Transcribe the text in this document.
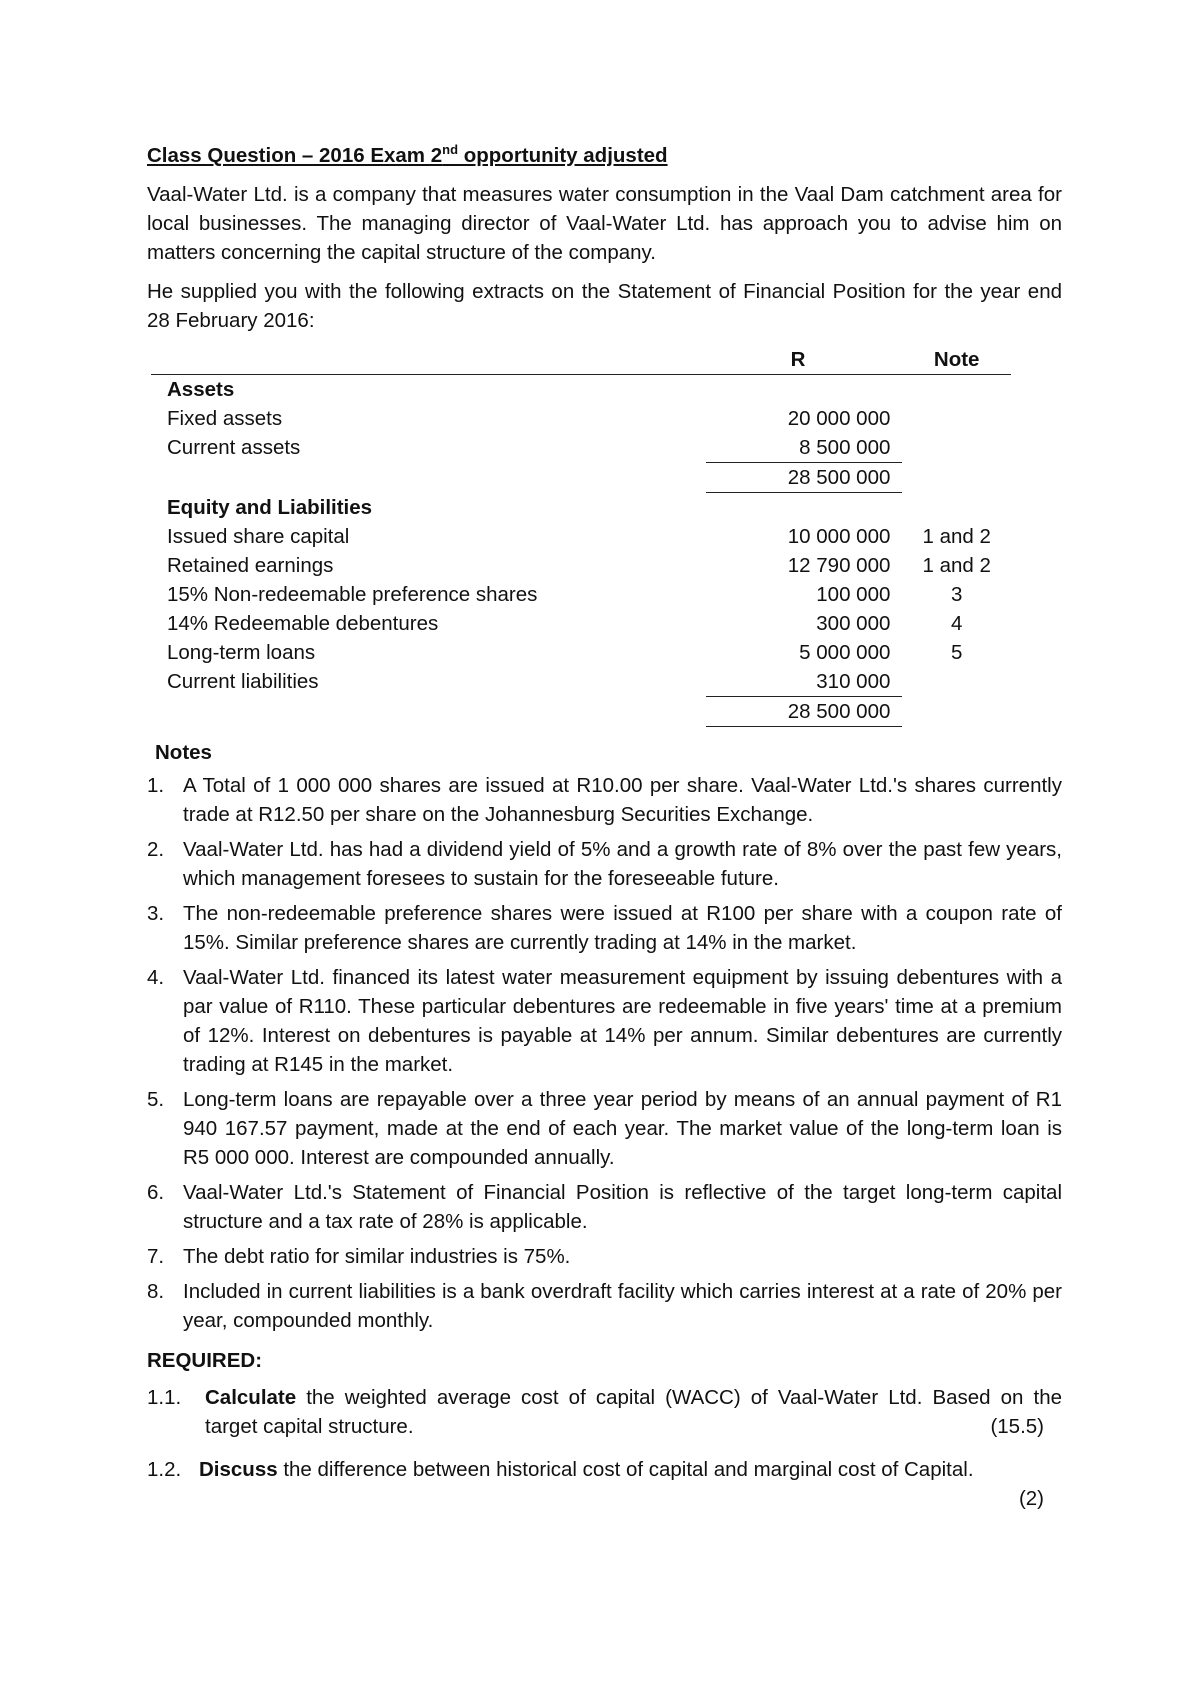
Class Question – 2016 Exam 2nd opportunity adjusted

Vaal-Water Ltd. is a company that measures water consumption in the Vaal Dam catchment area for local businesses. The managing director of Vaal-Water Ltd. has approach you to advise him on matters concerning the capital structure of the company.

He supplied you with the following extracts on the Statement of Financial Position for the year end 28 February 2016:

	R	Note
Assets		
Fixed assets	20 000 000	
Current assets	8 500 000	
	28 500 000	
Equity and Liabilities		
Issued share capital	10 000 000	1 and 2
Retained earnings	12 790 000	1 and 2
15% Non-redeemable preference shares	100 000	3
14% Redeemable debentures	300 000	4
Long-term loans	5 000 000	5
Current liabilities	310 000	
	28 500 000	
Notes
1. A Total of 1 000 000 shares are issued at R10.00 per share. Vaal-Water Ltd.'s shares currently trade at R12.50 per share on the Johannesburg Securities Exchange.
2. Vaal-Water Ltd. has had a dividend yield of 5% and a growth rate of 8% over the past few years, which management foresees to sustain for the foreseeable future.
3. The non-redeemable preference shares were issued at R100 per share with a coupon rate of 15%. Similar preference shares are currently trading at 14% in the market.
4. Vaal-Water Ltd. financed its latest water measurement equipment by issuing debentures with a par value of R110. These particular debentures are redeemable in five years' time at a premium of 12%. Interest on debentures is payable at 14% per annum. Similar debentures are currently trading at R145 in the market.
5. Long-term loans are repayable over a three year period by means of an annual payment of R1 940 167.57 payment, made at the end of each year. The market value of the long-term loan is R5 000 000. Interest are compounded annually.
6. Vaal-Water Ltd.'s Statement of Financial Position is reflective of the target long-term capital structure and a tax rate of 28% is applicable.
7. The debt ratio for similar industries is 75%.
8. Included in current liabilities is a bank overdraft facility which carries interest at a rate of 20% per year, compounded monthly.
REQUIRED:
1.1.	Calculate the weighted average cost of capital (WACC) of Vaal-Water Ltd. Based on the target capital structure.	(15.5)
1.2. Discuss the difference between historical cost of capital and marginal cost of Capital.
(2)
